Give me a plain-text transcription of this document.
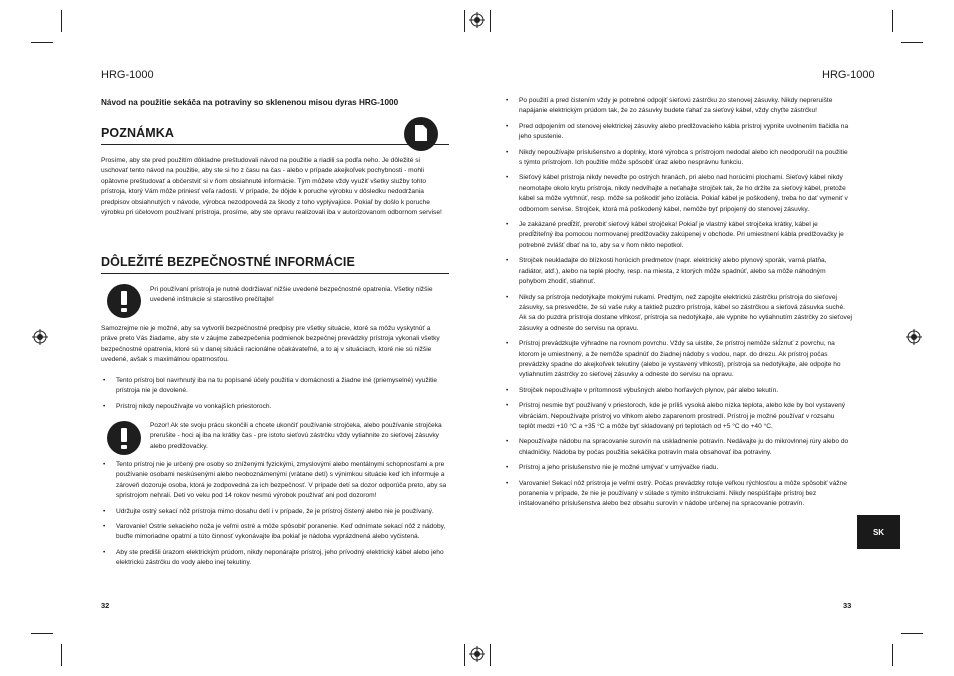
HRG-1000	HRG-1000
Návod na použitie sekáča na potraviny so sklenenou misou dyras HRG-1000
POZNÁMKA
Prosíme, aby ste pred použitím dôkladne preštudovali návod na použitie a riadili sa podľa neho. Je dôležité si uschovať tento návod na použitie, aby ste si ho z času na čas - alebo v prípade akejkoľvek pochybnosti - mohli opätovne preštudovať a občerstviť si v ňom obsiahnuté informácie. Tým môžete vždy využiť všetky služby tohto prístroja, ktorý Vám môže priniesť veľa radosti. V prípade, že dôjde k poruche výrobku v dôsledku nedodržania predpisov obsiahnutých v návode, výrobca nezodpovedá za škody z toho vyplývajúce. Pokiaľ by došlo k poruche výrobku pri účelovom používaní prístroja, prosíme, aby ste opravu realizovali iba v autorizovanom odbornom servise!
DÔLEŽITÉ BEZPEČNOSTNÉ INFORMÁCIE
Pri používaní prístroja je nutné dodržiavať nižšie uvedené bezpečnostné opatrenia. Všetky nižšie uvedené inštrukcie si starostlivo prečítajte!
Samozrejme nie je možné, aby sa vytvorili bezpečnostné predpisy pre všetky situácie, ktoré sa môžu vyskytnúť a práve preto Vás žiadame, aby ste v záujme zabezpečenia podmienok bezpečnej prevádzky prístroja vykonali všetky bezpečnostné opatrenia, ktoré sú v danej situácii racionálne očakávateľné, a to aj v situáciach, ktoré nie sú nižšie uvedené, avšak s maximálnou opatrnosťou.
• Tento prístroj bol navrhnutý iba na tu popísané účely použitia v domácnosti a žiadne iné (priemyselné) využitie prístroja nie je dovolené.
• Prístroj nikdy nepoužívajte vo vonkajších priestoroch.
Pozor! Ak ste svoju prácu skončili a chcete ukončiť používanie strojčeka, alebo používanie strojčeka prerušite - hoci aj iba na krátky čas - pre istotu sieťovú zástrčku vždy vytiahnite zo sieťovej zásuvky alebo predlžovačky.
• Tento prístroj nie je určený pre osoby so zníženými fyzickými, zmyslovými alebo mentálnymi schopnosťami a pre používanie osobami neskúsenými alebo neoboznámenými (vrátane detí) s výnimkou situácie keď ich informuje a zároveň dozoruje osoba, ktorá je zodpovedná za ich bezpečnosť. V prípade detí sa dozor odporúča preto, aby sa spristrojom nehrali. Deti vo veku pod 14 rokov nesmú výrobok používať ani pod dozorom!
• Udržujte ostrý sekací nôž prístroja mimo dosahu detí i v prípade, že je prístroj čistený alebo nie je používaný.
• Varovanie! Ostrie sekacieho noža je veľmi ostré a môže spôsobiť poranenie. Keď odnímate sekací nôž z nádoby, buďte mimoriadne opatrní a túto činnosť vykonávajte iba pokiaľ je nádoba vyprázdnená alebo vyčistená.
• Aby ste predišli úrazom elektrickým prúdom, nikdy neponárajte prístroj, jeho prívodný elektrický kábel alebo jeho elektrickú zástrčku do vody alebo inej tekutiny.
32
• Po použití a pred čistením vždy je potrebné odpojiť sieťovú zástrčku zo stenovej zásuvky. Nikdy nepreruište napájanie elektrickým prúdom tak, že zo zásuvky budete ťahať za sieťový kábel, vždy chyťte zástrčku!
• Pred odpojením od stenovej elektrickej zásuvky alebo predlžovacieho kábla prístroj vypnite uvolnením tlačidla na jeho spustenie.
• Nikdy nepoužívajte príslušenstvo a doplnky, ktoré výrobca s prístrojom nedodal alebo ich neodporučil na použitie s týmto prístrojom. Ich použitie môže spôsobiť úraz alebo nesprávnu funkciu.
• Sieťový kábel prístroja nikdy neveďte po ostrých hranách, pri alebo nad horúcimi plochami. Sieťový kábel nikdy neomotajte okolo krytu prístroja, nikdy nedvíhajte a neťahajte strojček tak, že ho držíte za sieťový kábel, pretože kábel sa môže vytrhnúť, resp. môže sa poškodiť jeho izolácia. Pokiaľ kábel je poškodený, treba ho dať vymeniť v odbornom servise. Strojček, ktorá má poškodený kábel, nemôže byť pripojený do stenovej zásuvky.
• Je zakázané predĺžiť, prerobiť sieťový kábel strojčeka! Pokiaľ je vlastný kábel strojčeka krátky, kábel je predĺžiteľný iba pomocou normovanej predlžovačky zakúpenej v obchode. Pri umiestnení kábla predlžovačky je potrebné zvlášť dbať na to, aby sa v ňom nikto nepotkol.
• Strojček neukladajte do blízkosti horúcich predmetov (napr. elektrický alebo plynový sporák, varná platňa, radiátor, atď.), alebo na teplé plochy, resp. na miesta, z ktorých môže spadnúť, alebo sa môže náhodným pohybom zhodiť, stiahnuť.
• Nikdy sa prístroja nedotýkajte mokrými rukami. Predtým, než zapojíte elektrickú zástrčku prístroja do sieťovej zásuvky, sa presvedčte, že sú vaše ruky a taktiež puzdro prístroja, kábel so zástrčkou a sieťová zásuvka suché. Ak sa do puzdra prístroja dostane vlhkosť, prístroja sa nedotýkajte, ale vypnite ho vytiahnutím zástrčky zo sieťovej zásuvky a odneste do servisu na opravu.
• Prístroj prevádzkujte výhradne na rovnom povrchu. Vždy sa uistite, že prístroj nemôže skĺznuť z povrchu, na ktorom je umiestnený, a že nemôže spadnúť do žiadnej nádoby s vodou, napr. do drezu. Ak prístroj počas prevádzky spadne do akejkoľvek tekutiny (alebo je vystavený vlhkosti), prístroja sa nedotýkajte, ale odpojte ho vytiahnutím zástrčky zo sieťovej zásuvky a odneste do servisu na opravu.
• Strojček nepoužívajte v prítomnosti výbušných alebo horľavých plynov, pár alebo tekutín.
• Prístroj nesmie byť používaný v priestoroch, kde je príliš vysoká alebo nízka teplota, alebo kde by bol vystavený vibráciám. Nepoužívajte prístroj vo vlhkom alebo zaparenom prostredí. Prístroj je možné používať v rozsahu teplôt medzi +10 °C a +35 °C a môže byť skladovaný pri teplotách od +5 °C do +40 °C.
• Nepoužívajte nádobu na spracovanie surovín na uskladnenie potravín. Nedávajte ju do mikrovlnnej rúry alebo do chladničky. Nádoba by počas použitia sekáčika potravín mala obsahovať iba potraviny.
• Prístroj a jeho príslušenstvo nie je možné umývať v umývačke riadu.
• Varovanie! Sekací nôž prístroja je veľmi ostrý. Počas prevádzky rotuje veľkou rýchlosťou a môže spôsobiť vážne poranenia v prípade, že nie je používaný v súlade s týmito inštrukciami. Nikdy nespúšťajte prístroj bez inštalovaného príslušenstva alebo bez obsahu surovín v nádobe určenej na spracovanie potravín.
SK
33
